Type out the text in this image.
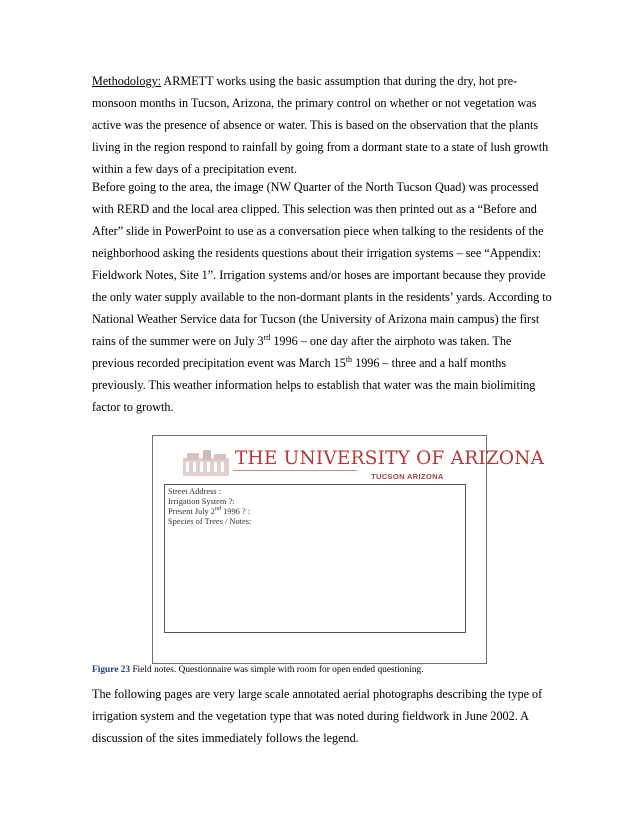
Methodology: ARMETT works using the basic assumption that during the dry, hot pre-monsoon months in Tucson, Arizona, the primary control on whether or not vegetation was active was the presence of absence or water. This is based on the observation that the plants living in the region respond to rainfall by going from a dormant state to a state of lush growth within a few days of a precipitation event.
Before going to the area, the image (NW Quarter of the North Tucson Quad) was processed with RERD and the local area clipped. This selection was then printed out as a “Before and After” slide in PowerPoint to use as a conversation piece when talking to the residents of the neighborhood asking the residents questions about their irrigation systems – see “Appendix: Fieldwork Notes, Site 1”. Irrigation systems and/or hoses are important because they provide the only water supply available to the non-dormant plants in the residents’ yards. According to National Weather Service data for Tucson (the University of Arizona main campus) the first rains of the summer were on July 3rd 1996 – one day after the airphoto was taken. The previous recorded precipitation event was March 15th 1996 – three and a half months previously. This weather information helps to establish that water was the main biolimiting factor to growth.
THE UNIVERSITY OF ARIZONA
TUCSON ARIZONA
Street Address :
Irrigation System ?:
Present July 2nd 1996 ? :
Species of Trees / Notes:
Figure 23 Field notes. Questionnaire was simple with room for open ended questioning.
The following pages are very large scale annotated aerial photographs describing the type of irrigation system and the vegetation type that was noted during fieldwork in June 2002. A discussion of the sites immediately follows the legend.
